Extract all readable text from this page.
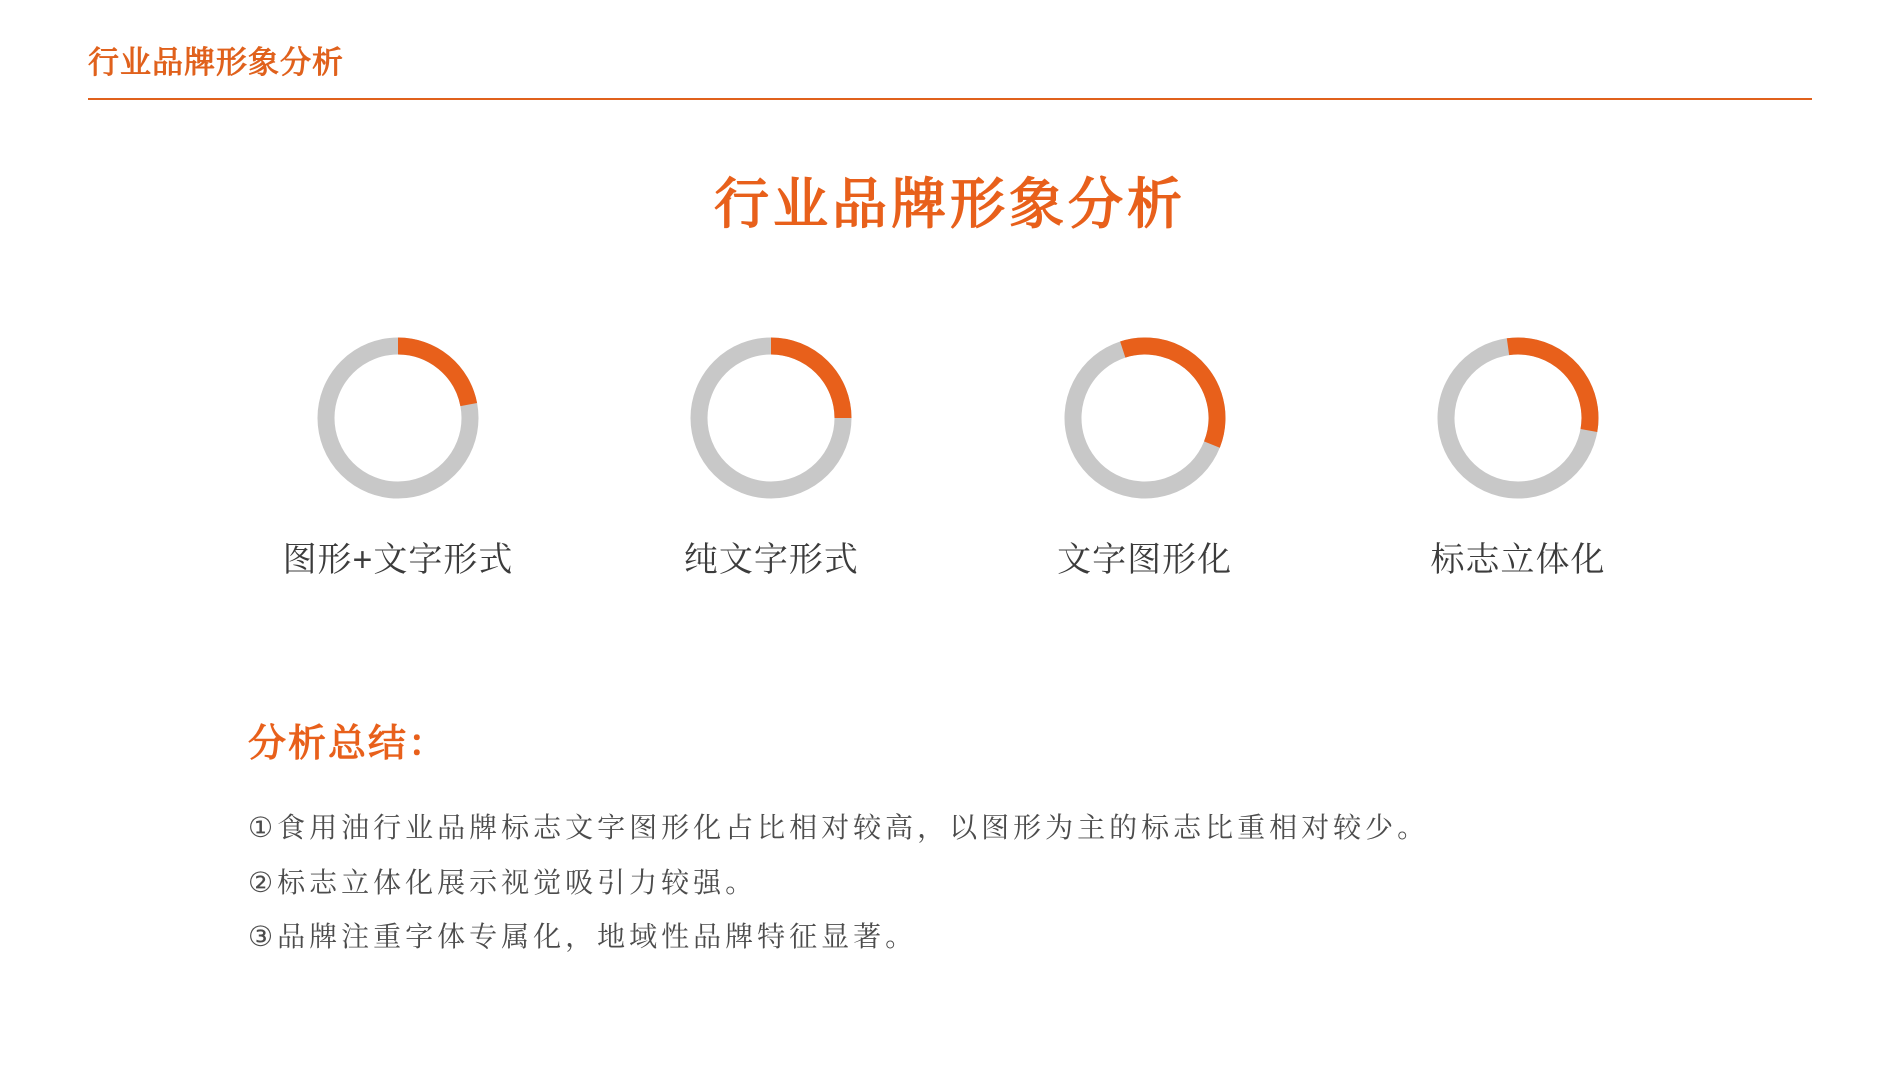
行业品牌形象分析
行业品牌形象分析
图形+文字形式	纯文字形式	文字图形化	标志立体化
分析总结：
①食用油行业品牌标志文字图形化占比相对较高，以图形为主的标志比重相对较少。
②标志立体化展示视觉吸引力较强。
③品牌注重字体专属化，地域性品牌特征显著。
